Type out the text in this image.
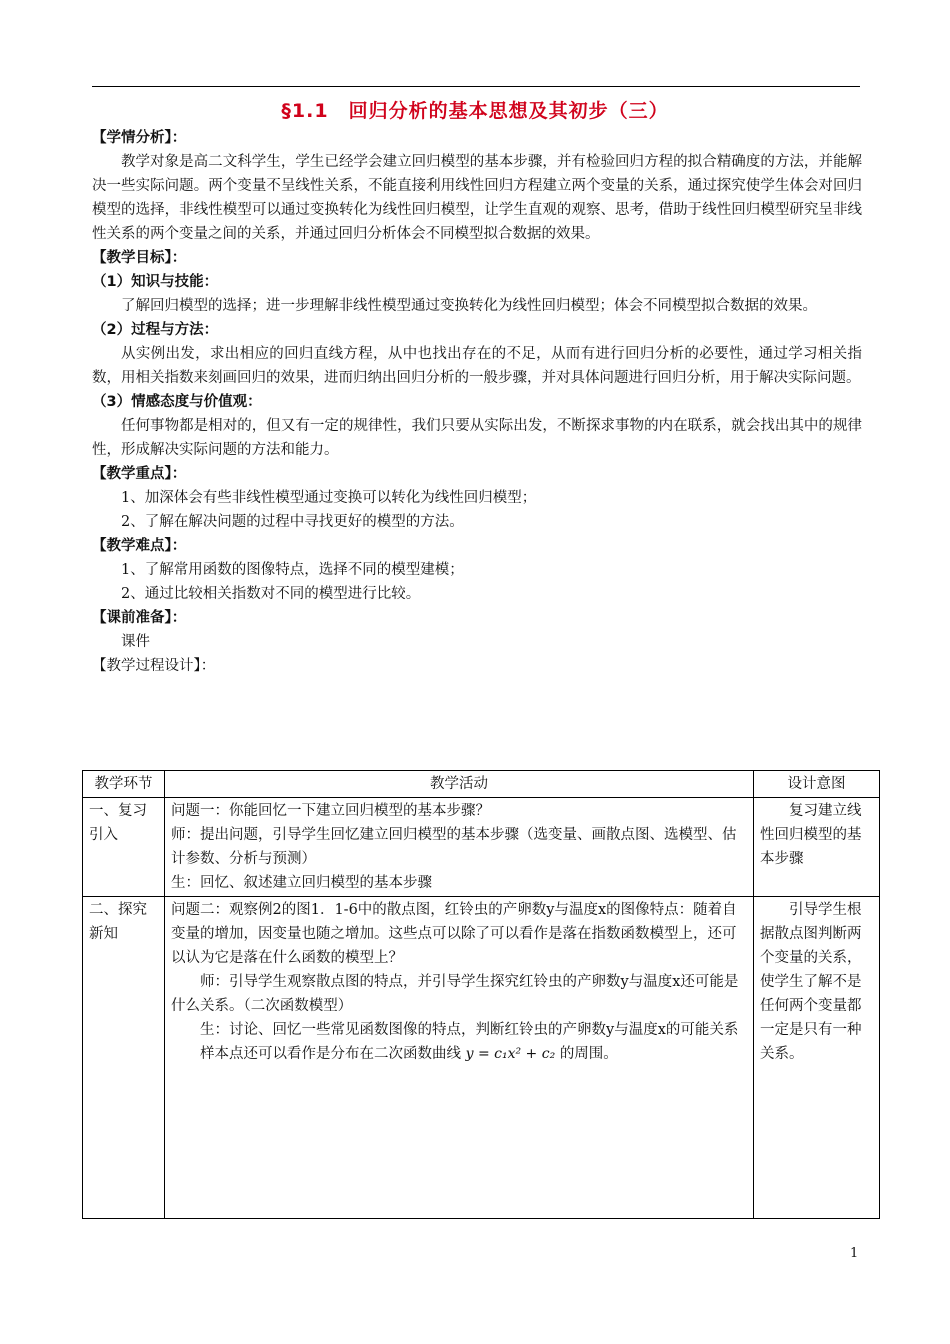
§1.1　回归分析的基本思想及其初步（三）
【学情分析】：
教学对象是高二文科学生，学生已经学会建立回归模型的基本步骤，并有检验回归方程的拟合精确度的方法，并能解决一些实际问题。两个变量不呈线性关系，不能直接利用线性回归方程建立两个变量的关系，通过探究使学生体会对回归模型的选择，非线性模型可以通过变换转化为线性回归模型，让学生直观的观察、思考，借助于线性回归模型研究呈非线性关系的两个变量之间的关系，并通过回归分析体会不同模型拟合数据的效果。
【教学目标】：
（1）知识与技能：
了解回归模型的选择；进一步理解非线性模型通过变换转化为线性回归模型；体会不同模型拟合数据的效果。
（2）过程与方法：
从实例出发，求出相应的回归直线方程，从中也找出存在的不足，从而有进行回归分析的必要性，通过学习相关指数，用相关指数来刻画回归的效果，进而归纳出回归分析的一般步骤，并对具体问题进行回归分析，用于解决实际问题。
（3）情感态度与价值观：
任何事物都是相对的，但又有一定的规律性，我们只要从实际出发，不断探求事物的内在联系，就会找出其中的规律性，形成解决实际问题的方法和能力。
【教学重点】：
1、加深体会有些非线性模型通过变换可以转化为线性回归模型；
2、了解在解决问题的过程中寻找更好的模型的方法。
【教学难点】：
1、了解常用函数的图像特点，选择不同的模型建模；
2、通过比较相关指数对不同的模型进行比较。
【课前准备】：
课件
【教学过程设计】：
教学环节	教学活动	设计意图
一、复习引入	问题一：你能回忆一下建立回归模型的基本步骤？
师：提出问题，引导学生回忆建立回归模型的基本步骤（选变量、画散点图、选模型、估计参数、分析与预测）
生：回忆、叙述建立回归模型的基本步骤	复习建立线性回归模型的基本步骤
二、探究新知	问题二：观察例2的图1．1-6中的散点图，红铃虫的产卵数y与温度x的图像特点：随着自变量的增加，因变量也随之增加。这些点可以除了可以看作是落在指数函数模型上，还可以认为它是落在什么函数的模型上？
师：引导学生观察散点图的特点，并引导学生探究红铃虫的产卵数y与温度x还可能是什么关系。（二次函数模型）
生：讨论、回忆一些常见函数图像的特点，判断红铃虫的产卵数y与温度x的可能关系
样本点还可以看作是分布在二次函数曲线 y = c₁x² + c₂ 的周围。	引导学生根据散点图判断两个变量的关系，使学生了解不是任何两个变量都一定是只有一种关系。
1
